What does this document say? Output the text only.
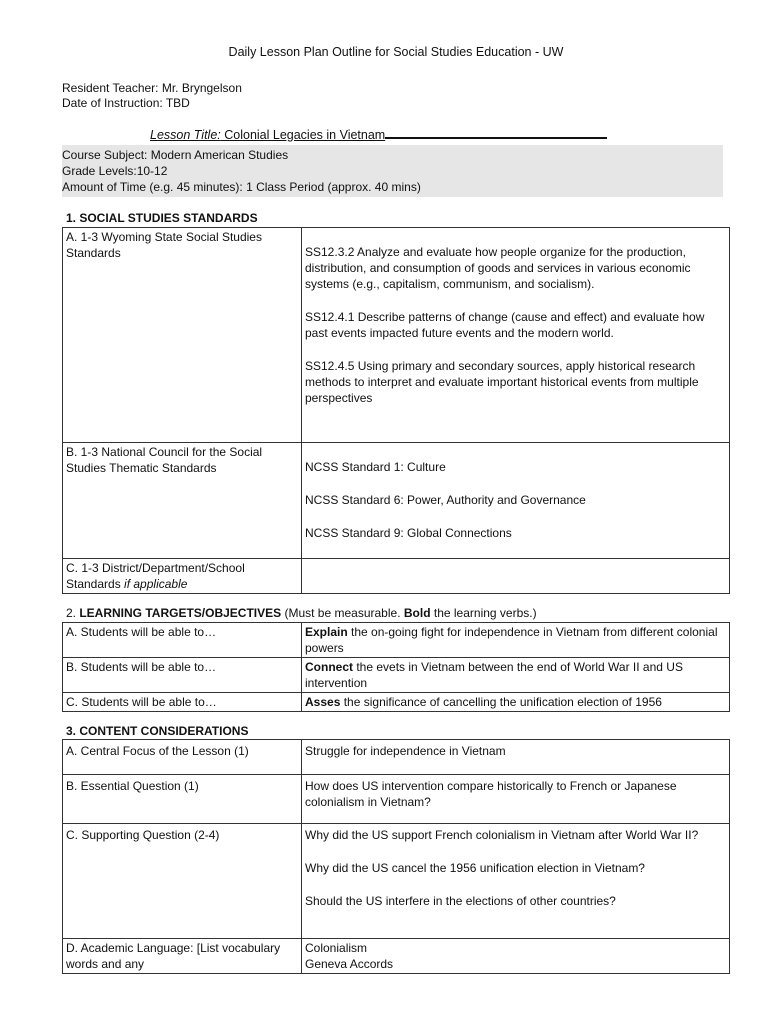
Daily Lesson Plan Outline for Social Studies Education - UW
Resident Teacher: Mr. Bryngelson
Date of Instruction: TBD
Lesson Title: Colonial Legacies in Vietnam
Course Subject: Modern American Studies
Grade Levels:10-12
Amount of Time (e.g. 45 minutes): 1 Class Period (approx. 40 mins)
1. SOCIAL STUDIES STANDARDS
A. 1-3 Wyoming State Social Studies Standards	SS12.3.2 Analyze and evaluate how people organize for the production, distribution, and consumption of goods and services in various economic systems (e.g., capitalism, communism, and socialism).

SS12.4.1 Describe patterns of change (cause and effect) and evaluate how past events impacted future events and the modern world.

SS12.4.5 Using primary and secondary sources, apply historical research methods to interpret and evaluate important historical events from multiple perspectives

B. 1-3 National Council for the Social Studies Thematic Standards	NCSS Standard 1: Culture

NCSS Standard 6: Power, Authority and Governance

NCSS Standard 9: Global Connections

C. 1-3 District/Department/School Standards if applicable	
2. LEARNING TARGETS/OBJECTIVES (Must be measurable. Bold the learning verbs.)
A. Students will be able to…	Explain the on-going fight for independence in Vietnam from different colonial powers
B. Students will be able to…	Connect the evets in Vietnam between the end of World War II and US intervention
C. Students will be able to…	Asses the significance of cancelling the unification election of 1956
3. CONTENT CONSIDERATIONS
A. Central Focus of the Lesson (1)	Struggle for independence in Vietnam

B. Essential Question (1)	How does US intervention compare historically to French or Japanese colonialism in Vietnam?

C. Supporting Question (2-4)	Why did the US support French colonialism in Vietnam after World War II?

Why did the US cancel the 1956 unification election in Vietnam?

Should the US interfere in the elections of other countries?

D. Academic Language: [List vocabulary words and any	Colonialism

Geneva Accords
